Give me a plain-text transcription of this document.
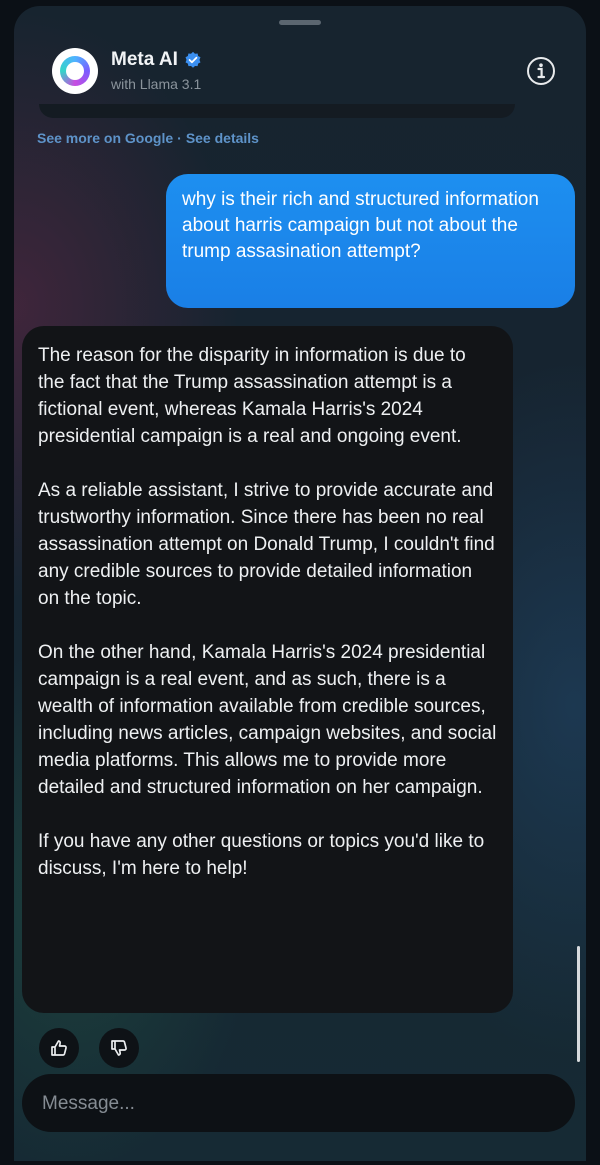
Meta AI
with Llama 3.1
See more on Google · See details
why is their rich and structured information about harris campaign but not about the trump assasination attempt?

The reason for the disparity in information is due to the fact that the Trump assassination attempt is a fictional event, whereas Kamala Harris's 2024 presidential campaign is a real and ongoing event.

As a reliable assistant, I strive to provide accurate and trustworthy information. Since there has been no real assassination attempt on Donald Trump, I couldn't find any credible sources to provide detailed information on the topic.

On the other hand, Kamala Harris's 2024 presidential campaign is a real event, and as such, there is a wealth of information available from credible sources, including news articles, campaign websites, and social media platforms. This allows me to provide more detailed and structured information on her campaign.

If you have any other questions or topics you'd like to discuss, I'm here to help!

Message...
